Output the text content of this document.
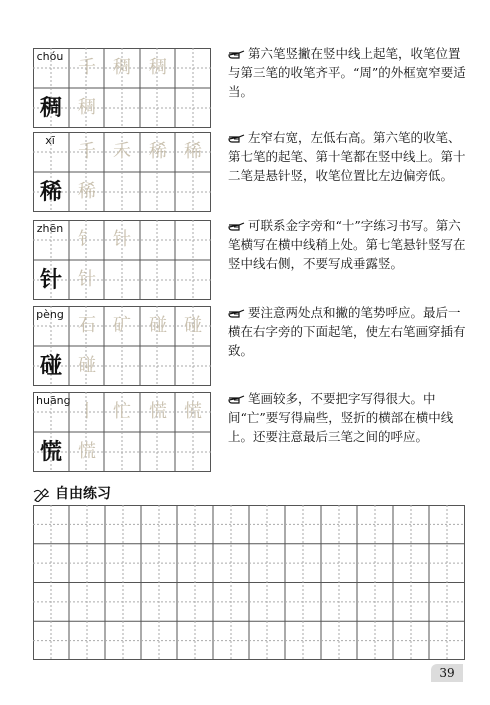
chóu
稠
千 稠	稠
稠
xī
稀
千 禾	稀 稀
稀
zhēn
针
钅 针
针
pèng
碰
石 矿	碰 碰
碰
huāng
慌
丨 忙	慌 慌
慌
第六笔竖撇在竖中线上起笔，收笔位置与第三笔的收笔齐平。“周”的外框宽窄要适当。
左窄右宽，左低右高。第六笔的收笔、第七笔的起笔、第十笔都在竖中线上。第十二笔是悬针竖，收笔位置比左边偏旁低。
可联系金字旁和“十”字练习书写。第六笔横写在横中线稍上处。第七笔悬针竖写在竖中线右侧，不要写成垂露竖。
要注意两处点和撇的笔势呼应。最后一横在右字旁的下面起笔，使左右笔画穿插有致。
笔画较多，不要把字写得很大。中间“亡”要写得扁些，竖折的横部在横中线上。还要注意最后三笔之间的呼应。
自由练习
39
